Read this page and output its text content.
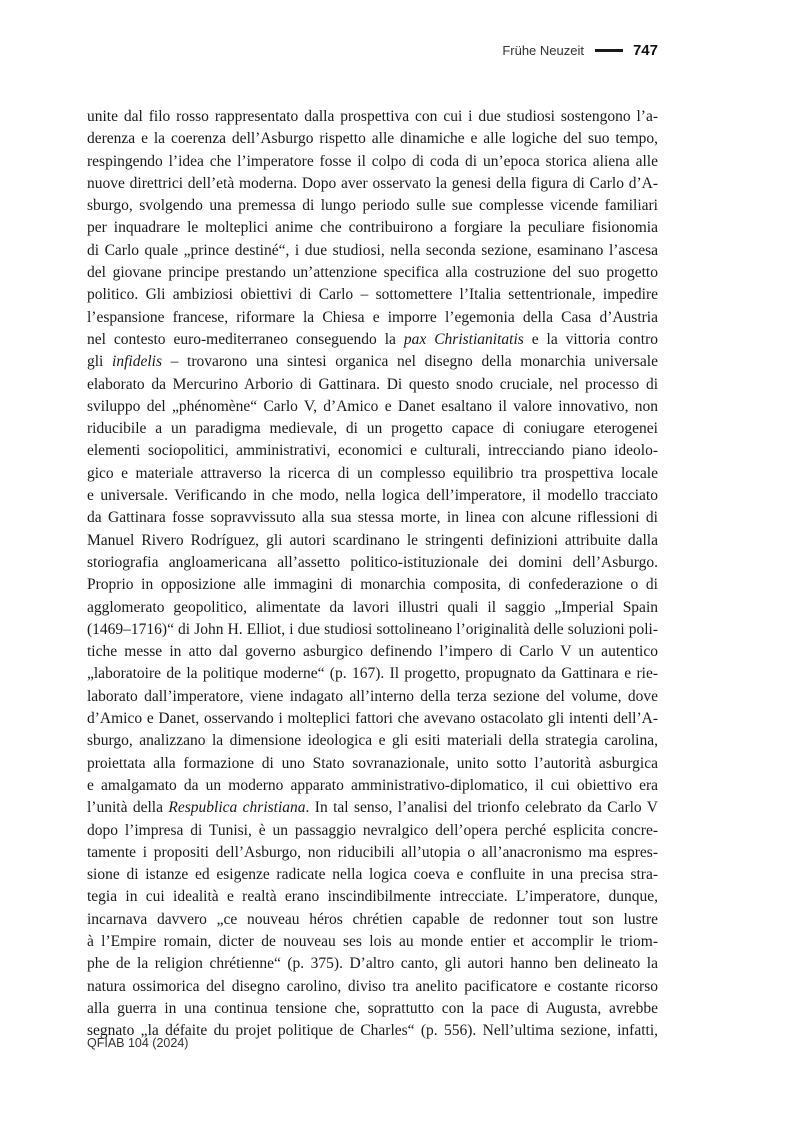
Frühe Neuzeit	747
unite dal filo rosso rappresentato dalla prospettiva con cui i due studiosi sostengono l’a-
derenza e la coerenza dell’Asburgo rispetto alle dinamiche e alle logiche del suo tempo,
respingendo l’idea che l’imperatore fosse il colpo di coda di un’epoca storica aliena alle
nuove direttrici dell’età moderna. Dopo aver osservato la genesi della figura di Carlo d’A-
sburgo, svolgendo una premessa di lungo periodo sulle sue complesse vicende familiari
per inquadrare le molteplici anime che contribuirono a forgiare la peculiare fisionomia
di Carlo quale „prince destiné“, i due studiosi, nella seconda sezione, esaminano l’ascesa
del giovane principe prestando un’attenzione specifica alla costruzione del suo progetto
politico. Gli ambiziosi obiettivi di Carlo – sottomettere l’Italia settentrionale, impedire
l’espansione francese, riformare la Chiesa e imporre l’egemonia della Casa d’Austria
nel contesto euro-mediterraneo conseguendo la pax Christianitatis e la vittoria contro
gli infidelis – trovarono una sintesi organica nel disegno della monarchia universale
elaborato da Mercurino Arborio di Gattinara. Di questo snodo cruciale, nel processo di
sviluppo del „phénomène“ Carlo V, d’Amico e Danet esaltano il valore innovativo, non
riducibile a un paradigma medievale, di un progetto capace di coniugare eterogenei
elementi sociopolitici, amministrativi, economici e culturali, intrecciando piano ideolo-
gico e materiale attraverso la ricerca di un complesso equilibrio tra prospettiva locale
e universale. Verificando in che modo, nella logica dell’imperatore, il modello tracciato
da Gattinara fosse sopravvissuto alla sua stessa morte, in linea con alcune riflessioni di
Manuel Rivero Rodríguez, gli autori scardinano le stringenti definizioni attribuite dalla
storiografia angloamericana all’assetto politico-istituzionale dei domini dell’Asburgo.
Proprio in opposizione alle immagini di monarchia composita, di confederazione o di
agglomerato geopolitico, alimentate da lavori illustri quali il saggio „Imperial Spain
(1469–1716)“ di John H. Elliot, i due studiosi sottolineano l’originalità delle soluzioni poli-
tiche messe in atto dal governo asburgico definendo l’impero di Carlo V un autentico
„laboratoire de la politique moderne“ (p. 167). Il progetto, propugnato da Gattinara e rie-
laborato dall’imperatore, viene indagato all’interno della terza sezione del volume, dove
d’Amico e Danet, osservando i molteplici fattori che avevano ostacolato gli intenti dell’A-
sburgo, analizzano la dimensione ideologica e gli esiti materiali della strategia carolina,
proiettata alla formazione di uno Stato sovranazionale, unito sotto l’autorità asburgica
e amalgamato da un moderno apparato amministrativo-diplomatico, il cui obiettivo era
l’unità della Respublica christiana. In tal senso, l’analisi del trionfo celebrato da Carlo V
dopo l’impresa di Tunisi, è un passaggio nevralgico dell’opera perché esplicita concre-
tamente i propositi dell’Asburgo, non riducibili all’utopia o all’anacronismo ma espres-
sione di istanze ed esigenze radicate nella logica coeva e confluite in una precisa stra-
tegia in cui idealità e realtà erano inscindibilmente intrecciate. L’imperatore, dunque,
incarnava davvero „ce nouveau héros chrétien capable de redonner tout son lustre
à l’Empire romain, dicter de nouveau ses lois au monde entier et accomplir le triom-
phe de la religion chrétienne“ (p. 375). D’altro canto, gli autori hanno ben delineato la
natura ossimorica del disegno carolino, diviso tra anelito pacificatore e costante ricorso
alla guerra in una continua tensione che, soprattutto con la pace di Augusta, avrebbe
segnato „la défaite du projet politique de Charles“ (p. 556). Nell’ultima sezione, infatti,
QFIAB 104 (2024)
